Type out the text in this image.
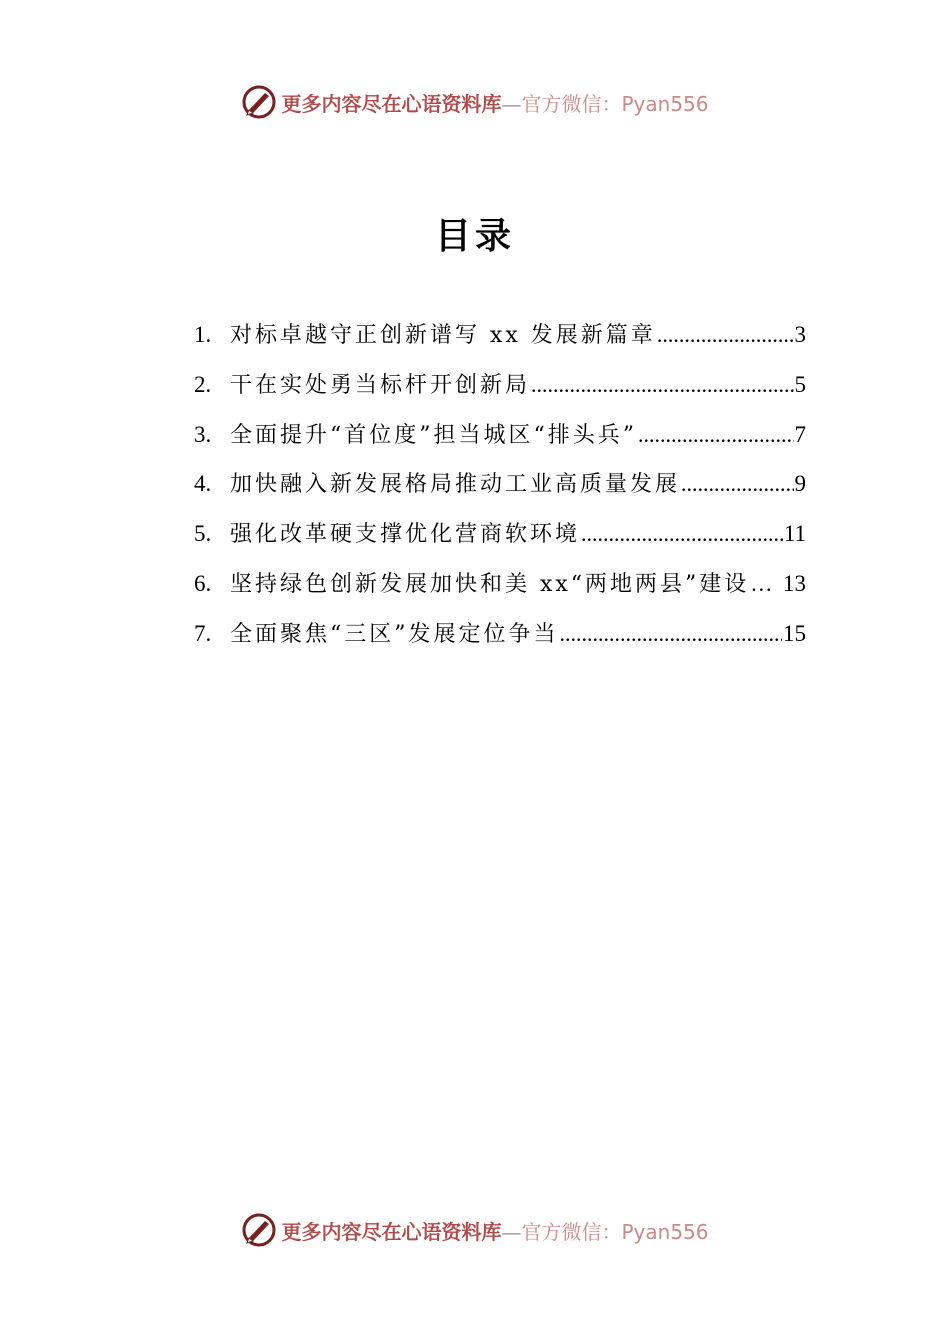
更多内容尽在心语资料库—官方微信：Pyan556
目录
1. 对标卓越守正创新谱写 xx 发展新篇章 .....	3
2. 干在实处勇当标杆开创新局 .....	5
3. 全面提升“首位度”担当城区“排头兵” .....	7
4. 加快融入新发展格局推动工业高质量发展 .....	9
5. 强化改革硬支撑优化营商软环境 .....	11
6. 坚持绿色创新发展加快和美 xx“两地两县”建设 … 13
7. 全面聚焦“三区”发展定位争当 .....	15
更多内容尽在心语资料库—官方微信：Pyan556
